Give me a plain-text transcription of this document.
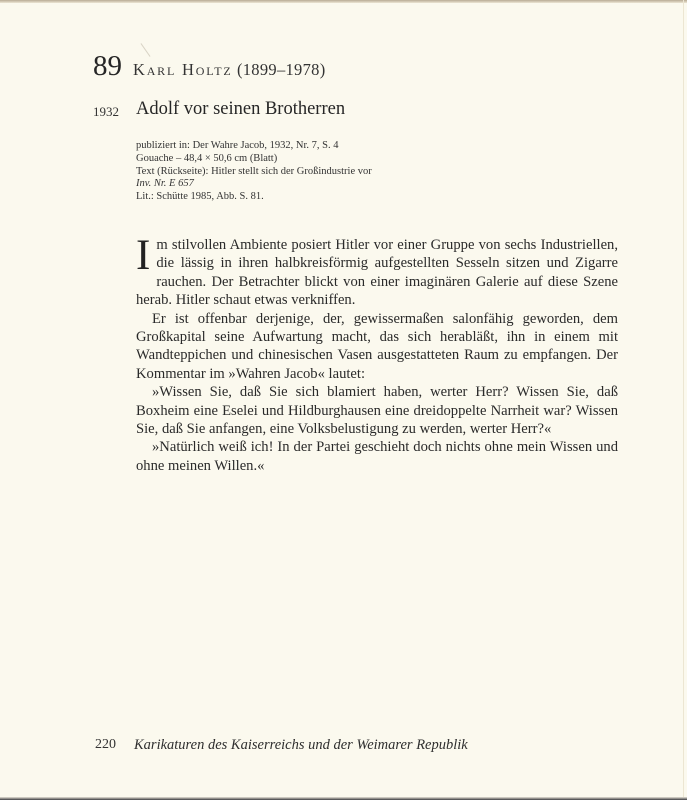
89 Karl Holtz (1899–1978)
1932 Adolf vor seinen Brotherren
publiziert in: Der Wahre Jacob, 1932, Nr. 7, S. 4
Gouache – 48,4 × 50,6 cm (Blatt)
Text (Rückseite): Hitler stellt sich der Großindustrie vor
Inv. Nr. E 657
Lit.: Schütte 1985, Abb. S. 81.

Im stilvollen Ambiente posiert Hitler vor einer Gruppe von sechs Industriellen, die lässig in ihren halbkreisförmig aufgestellten Sesseln sitzen und Zigarre rauchen. Der Betrachter blickt von einer imaginären Galerie auf diese Szene herab. Hitler schaut etwas verkniffen.

Er ist offenbar derjenige, der, gewissermaßen salonfähig geworden, dem Großkapital seine Aufwartung macht, das sich herabläßt, ihn in einem mit Wandteppichen und chinesischen Vasen ausgestatteten Raum zu empfangen. Der Kommentar im »Wahren Jacob« lautet:

»Wissen Sie, daß Sie sich blamiert haben, werter Herr? Wissen Sie, daß Boxheim eine Eselei und Hildburghausen eine dreidoppelte Narrheit war? Wissen Sie, daß Sie anfangen, eine Volksbelustigung zu werden, werter Herr?«

»Natürlich weiß ich! In der Partei geschieht doch nichts ohne mein Wissen und ohne meinen Willen.«

220 Karikaturen des Kaiserreichs und der Weimarer Republik
